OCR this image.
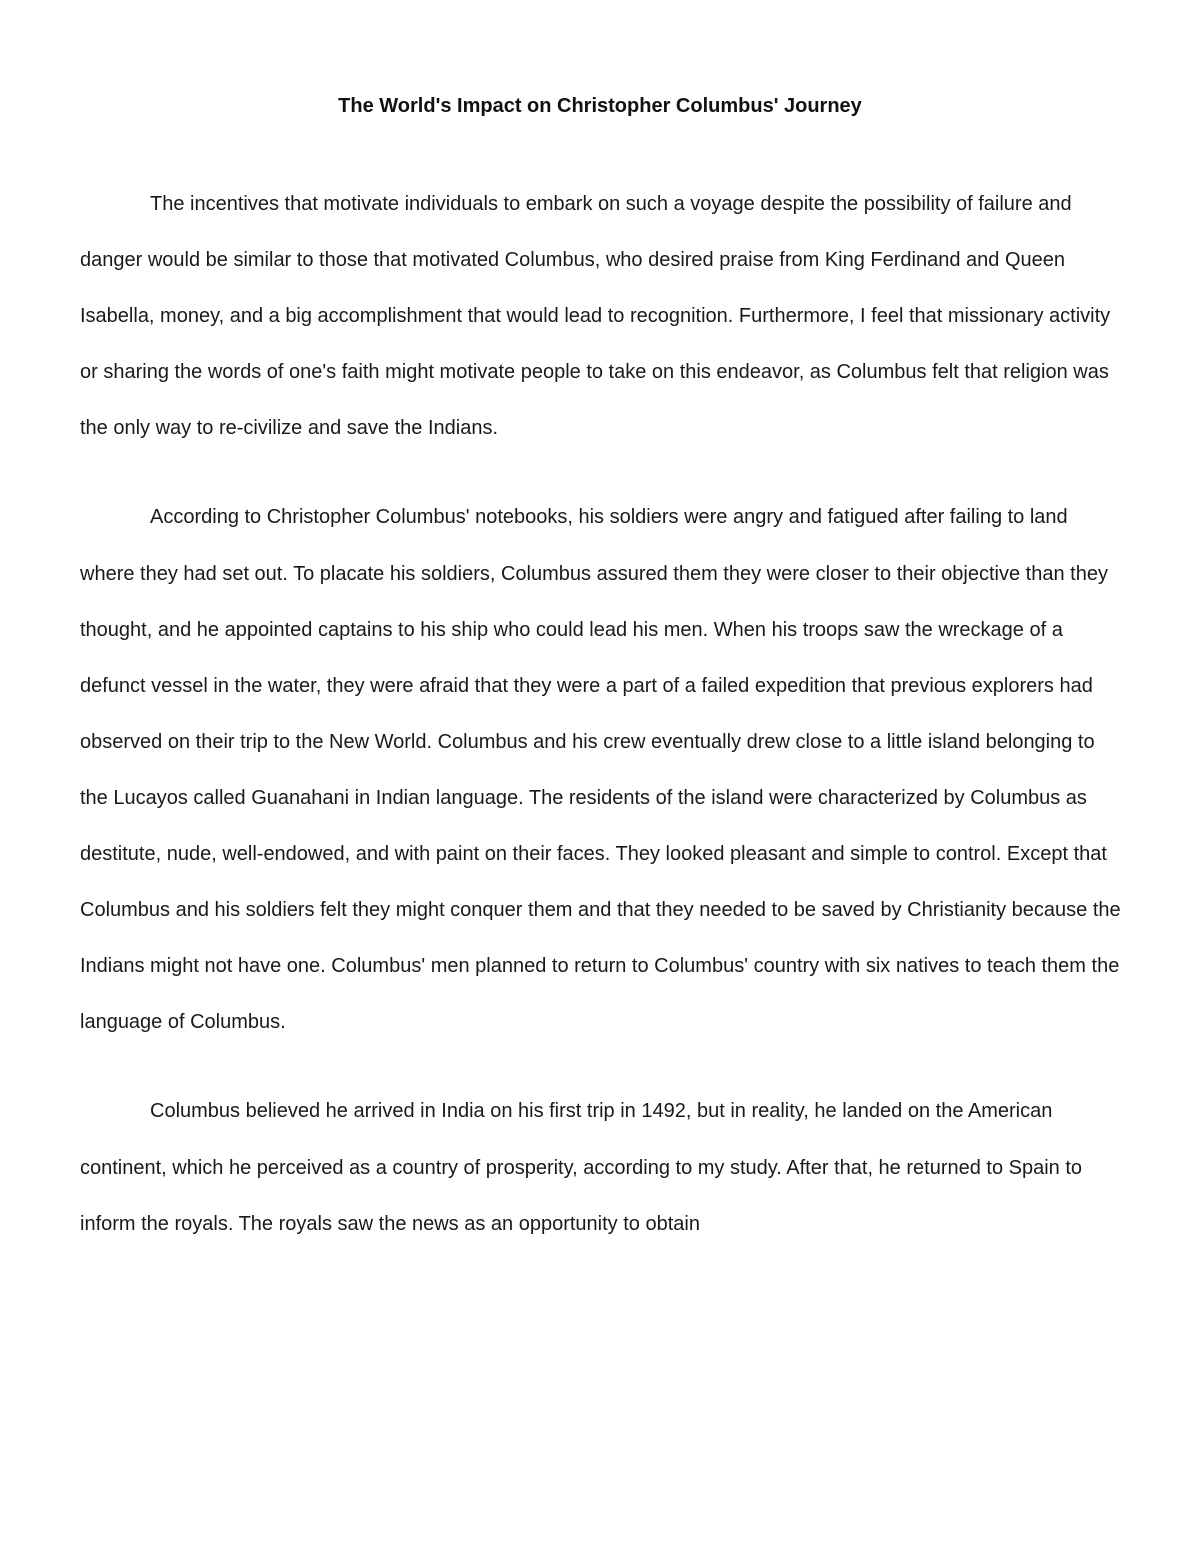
The World's Impact on Christopher Columbus' Journey

The incentives that motivate individuals to embark on such a voyage despite the possibility of failure and danger would be similar to those that motivated Columbus, who desired praise from King Ferdinand and Queen Isabella, money, and a big accomplishment that would lead to recognition. Furthermore, I feel that missionary activity or sharing the words of one's faith might motivate people to take on this endeavor, as Columbus felt that religion was the only way to re-civilize and save the Indians.

According to Christopher Columbus' notebooks, his soldiers were angry and fatigued after failing to land where they had set out. To placate his soldiers, Columbus assured them they were closer to their objective than they thought, and he appointed captains to his ship who could lead his men. When his troops saw the wreckage of a defunct vessel in the water, they were afraid that they were a part of a failed expedition that previous explorers had observed on their trip to the New World. Columbus and his crew eventually drew close to a little island belonging to the Lucayos called Guanahani in Indian language. The residents of the island were characterized by Columbus as destitute, nude, well-endowed, and with paint on their faces. They looked pleasant and simple to control. Except that Columbus and his soldiers felt they might conquer them and that they needed to be saved by Christianity because the Indians might not have one. Columbus' men planned to return to Columbus' country with six natives to teach them the language of Columbus.

Columbus believed he arrived in India on his first trip in 1492, but in reality, he landed on the American continent, which he perceived as a country of prosperity, according to my study. After that, he returned to Spain to inform the royals. The royals saw the news as an opportunity to obtain
